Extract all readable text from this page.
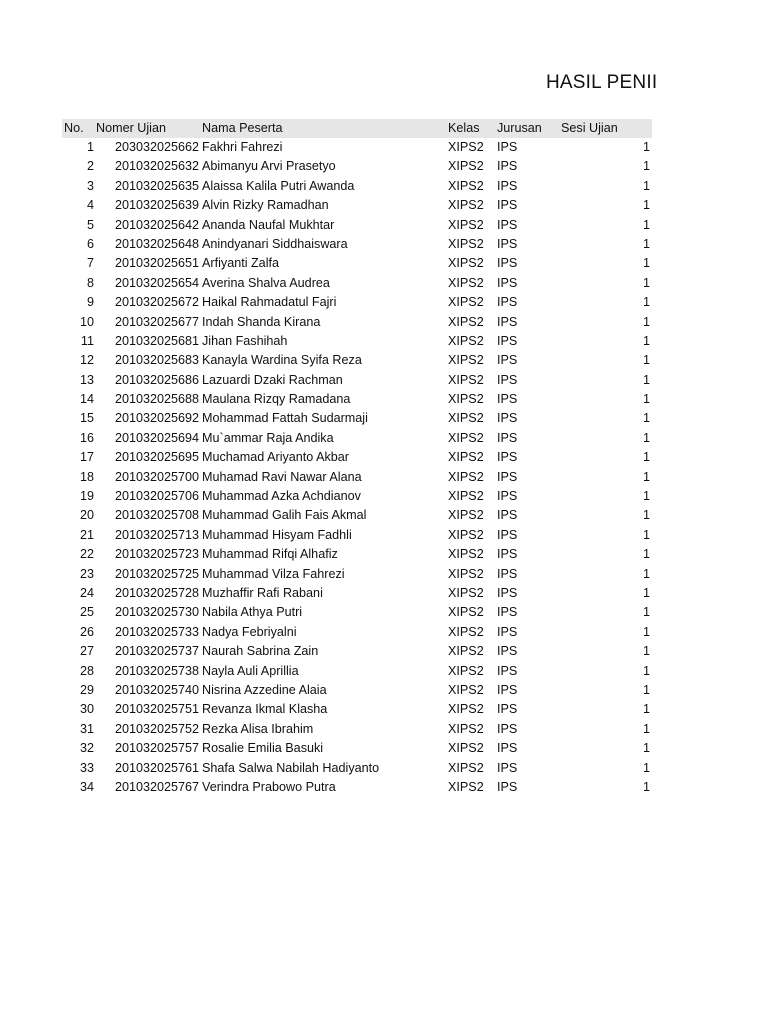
HASIL PENII
No. Nomer Ujian	Nama Peserta	Kelas Jurusan Sesi Ujian
1 203032025662 Fakhri Fahrezi	XIPS2 IPS	1
2 201032025632 Abimanyu Arvi Prasetyo	XIPS2 IPS	1
3 201032025635 Alaissa Kalila Putri Awanda	XIPS2 IPS	1
4 201032025639 Alvin Rizky Ramadhan	XIPS2 IPS	1
5 201032025642 Ananda Naufal Mukhtar	XIPS2 IPS	1
6 201032025648 Anindyanari Siddhaiswara	XIPS2 IPS	1
7 201032025651 Arfiyanti Zalfa	XIPS2 IPS	1
8 201032025654 Averina Shalva Audrea	XIPS2 IPS	1
9 201032025672 Haikal Rahmadatul Fajri	XIPS2 IPS	1
10 201032025677 Indah Shanda Kirana	XIPS2 IPS	1
11 201032025681 Jihan Fashihah	XIPS2 IPS	1
12 201032025683 Kanayla Wardina Syifa Reza	XIPS2 IPS	1
13 201032025686 Lazuardi Dzaki Rachman	XIPS2 IPS	1
14 201032025688 Maulana Rizqy Ramadana	XIPS2 IPS	1
15 201032025692 Mohammad Fattah Sudarmaji	XIPS2 IPS	1
16 201032025694 Mu`ammar Raja Andika	XIPS2 IPS	1
17 201032025695 Muchamad Ariyanto Akbar	XIPS2 IPS	1
18 201032025700 Muhamad Ravi Nawar Alana	XIPS2 IPS	1
19 201032025706 Muhammad Azka Achdianov	XIPS2 IPS	1
20 201032025708 Muhammad Galih Fais Akmal	XIPS2 IPS	1
21 201032025713 Muhammad Hisyam Fadhli	XIPS2 IPS	1
22 201032025723 Muhammad Rifqi Alhafiz	XIPS2 IPS	1
23 201032025725 Muhammad Vilza Fahrezi	XIPS2 IPS	1
24 201032025728 Muzhaffir Rafi Rabani	XIPS2 IPS	1
25 201032025730 Nabila Athya Putri	XIPS2 IPS	1
26 201032025733 Nadya Febriyalni	XIPS2 IPS	1
27 201032025737 Naurah Sabrina Zain	XIPS2 IPS	1
28 201032025738 Nayla Auli Aprillia	XIPS2 IPS	1
29 201032025740 Nisrina Azzedine Alaia	XIPS2 IPS	1
30 201032025751 Revanza Ikmal Klasha	XIPS2 IPS	1
31 201032025752 Rezka Alisa Ibrahim	XIPS2 IPS	1
32 201032025757 Rosalie Emilia Basuki	XIPS2 IPS	1
33 201032025761 Shafa Salwa Nabilah Hadiyanto	XIPS2 IPS	1
34 201032025767 Verindra Prabowo Putra	XIPS2 IPS	1
